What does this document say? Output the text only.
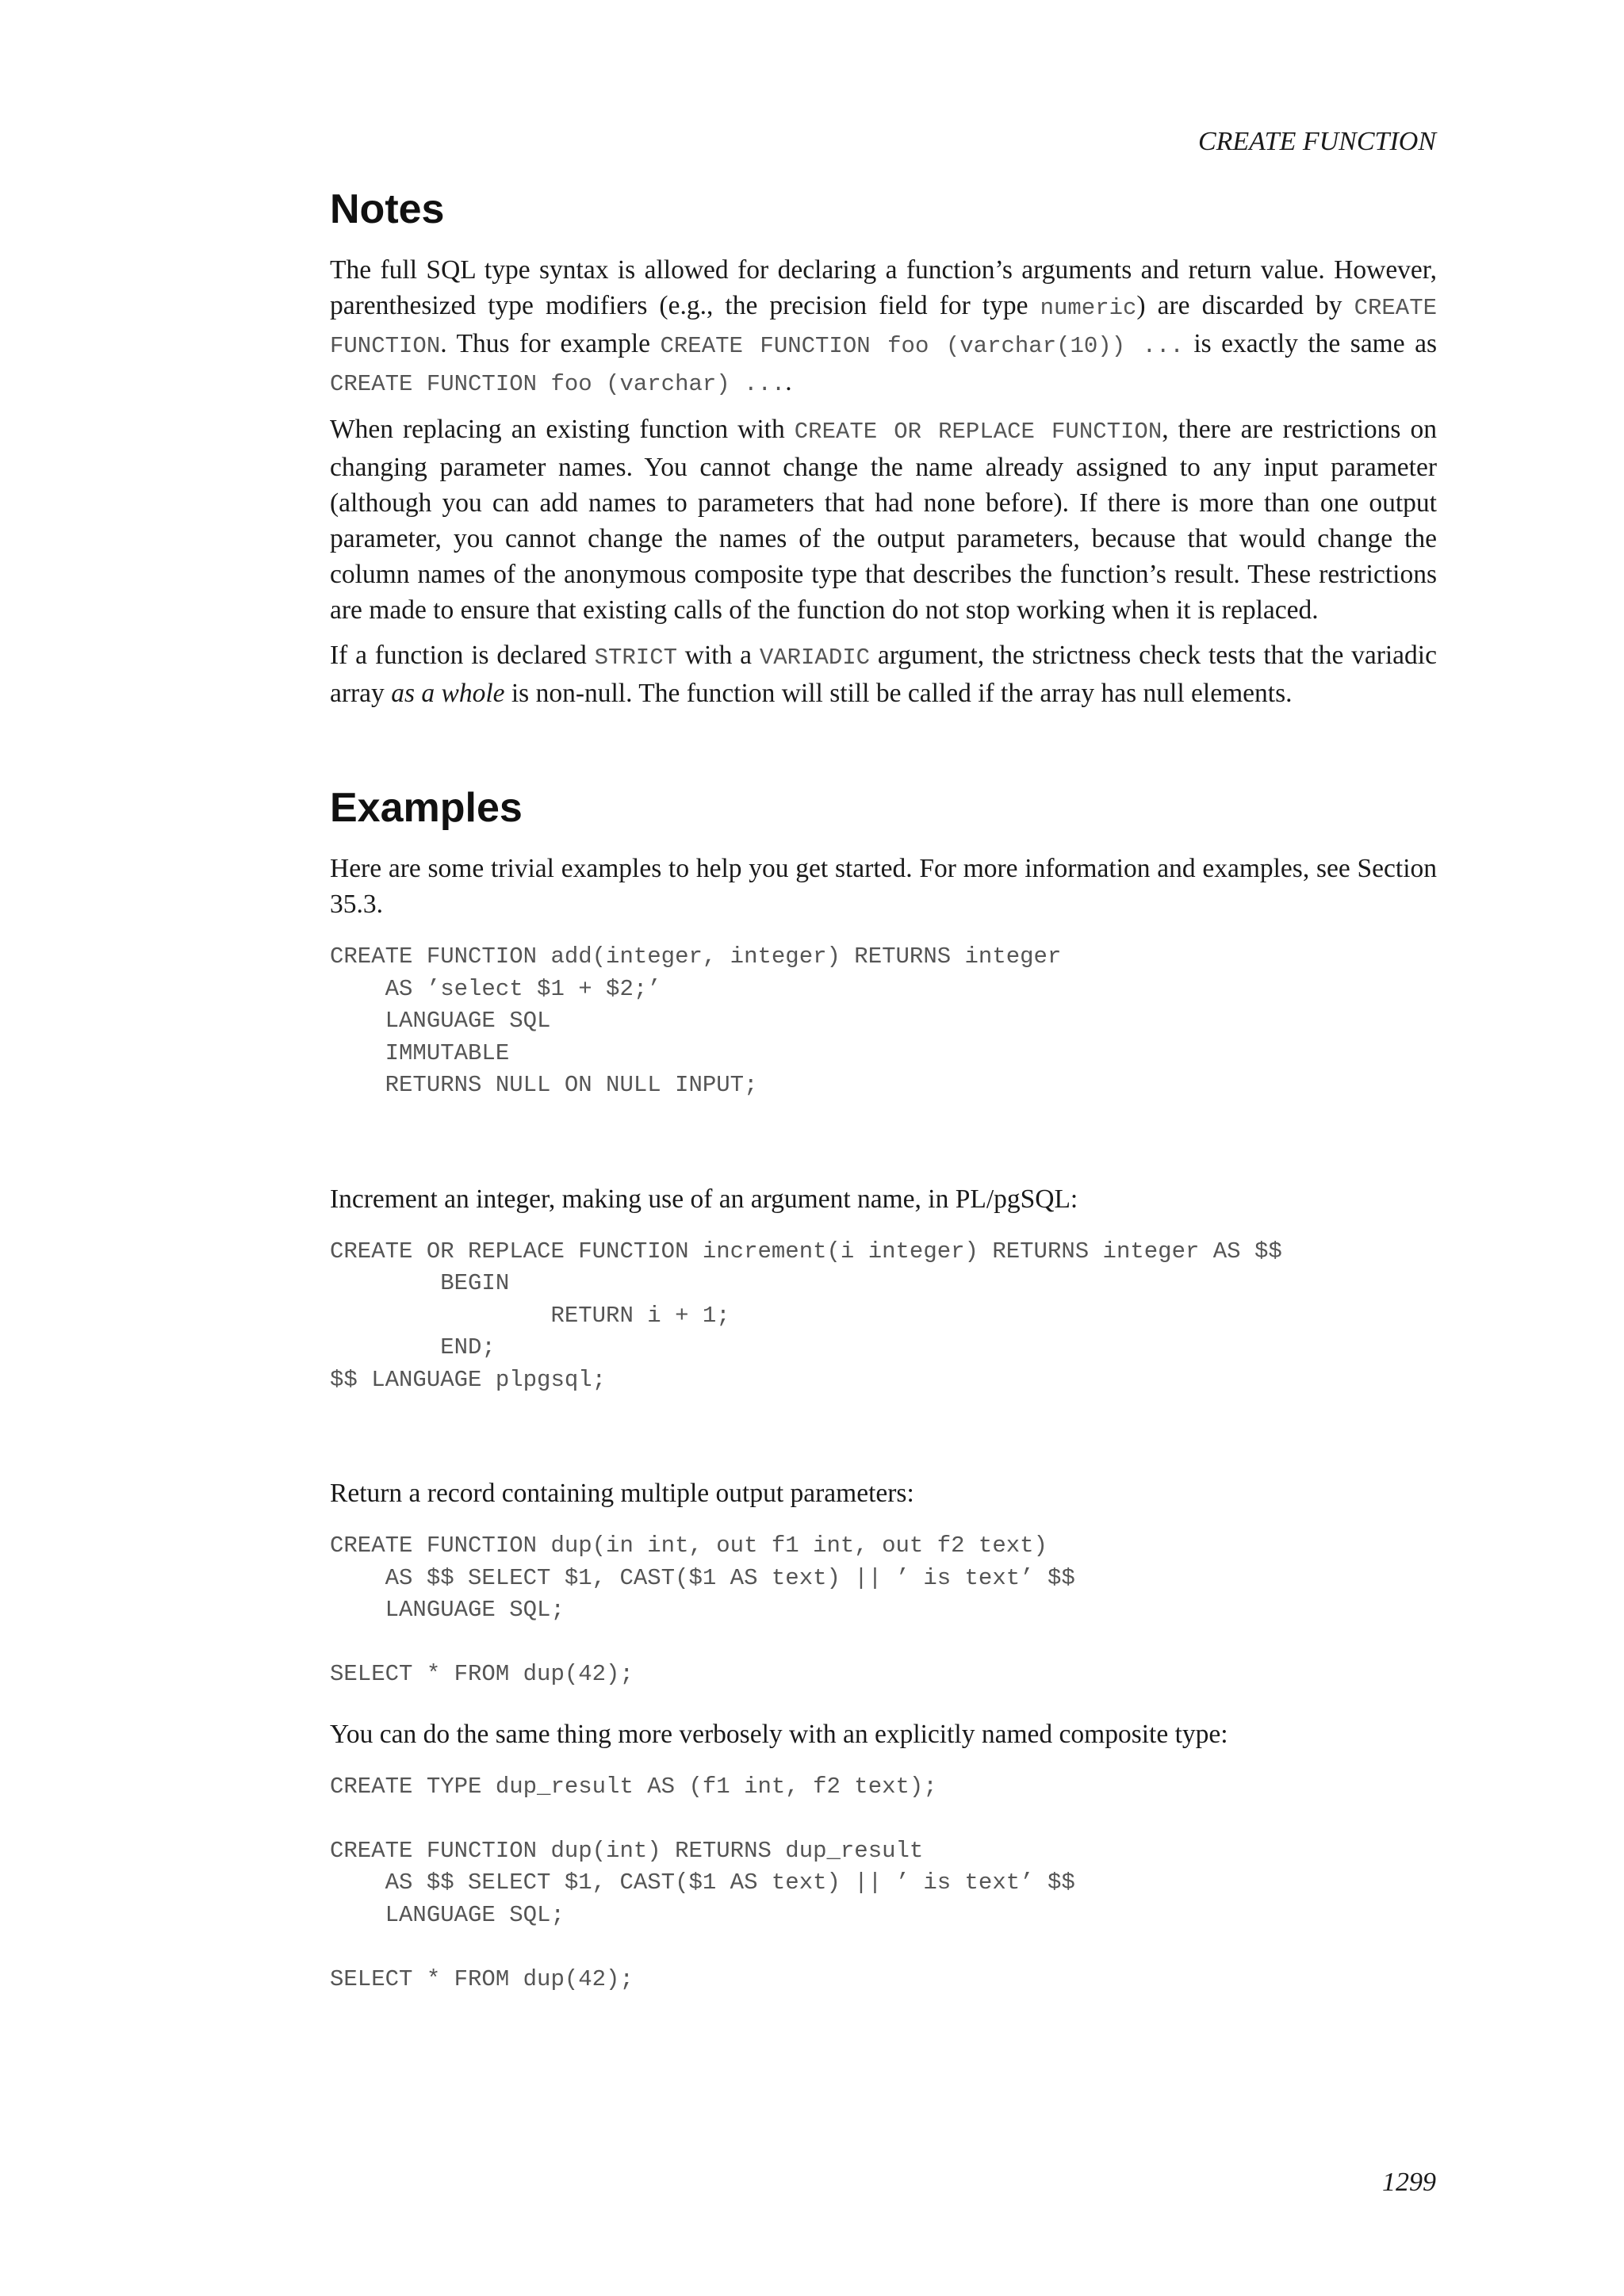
CREATE FUNCTION
Notes

The full SQL type syntax is allowed for declaring a function’s arguments and return value. However, parenthesized type modifiers (e.g., the precision field for type numeric) are discarded by CREATE FUNCTION. Thus for example CREATE FUNCTION foo (varchar(10)) ... is exactly the same as CREATE FUNCTION foo (varchar) ....

When replacing an existing function with CREATE OR REPLACE FUNCTION, there are restrictions on changing parameter names. You cannot change the name already assigned to any input parameter (although you can add names to parameters that had none before). If there is more than one output parameter, you cannot change the names of the output parameters, because that would change the column names of the anonymous composite type that describes the function’s result. These restrictions are made to ensure that existing calls of the function do not stop working when it is replaced.

If a function is declared STRICT with a VARIADIC argument, the strictness check tests that the variadic array as a whole is non-null. The function will still be called if the array has null elements.

Examples

Here are some trivial examples to help you get started. For more information and examples, see Section 35.3.

CREATE FUNCTION add(integer, integer) RETURNS integer
AS ’select $1 + $2;’
LANGUAGE SQL
IMMUTABLE
RETURNS NULL ON NULL INPUT;

Increment an integer, making use of an argument name, in PL/pgSQL:

CREATE OR REPLACE FUNCTION increment(i integer) RETURNS integer AS $$
BEGIN
RETURN i + 1;
END;
$$ LANGUAGE plpgsql;

Return a record containing multiple output parameters:

CREATE FUNCTION dup(in int, out f1 int, out f2 text)
AS $$ SELECT $1, CAST($1 AS text) || ’ is text’ $$
LANGUAGE SQL;

SELECT * FROM dup(42);

You can do the same thing more verbosely with an explicitly named composite type:

CREATE TYPE dup_result AS (f1 int, f2 text);

CREATE FUNCTION dup(int) RETURNS dup_result
AS $$ SELECT $1, CAST($1 AS text) || ’ is text’ $$
LANGUAGE SQL;

SELECT * FROM dup(42);
1299
